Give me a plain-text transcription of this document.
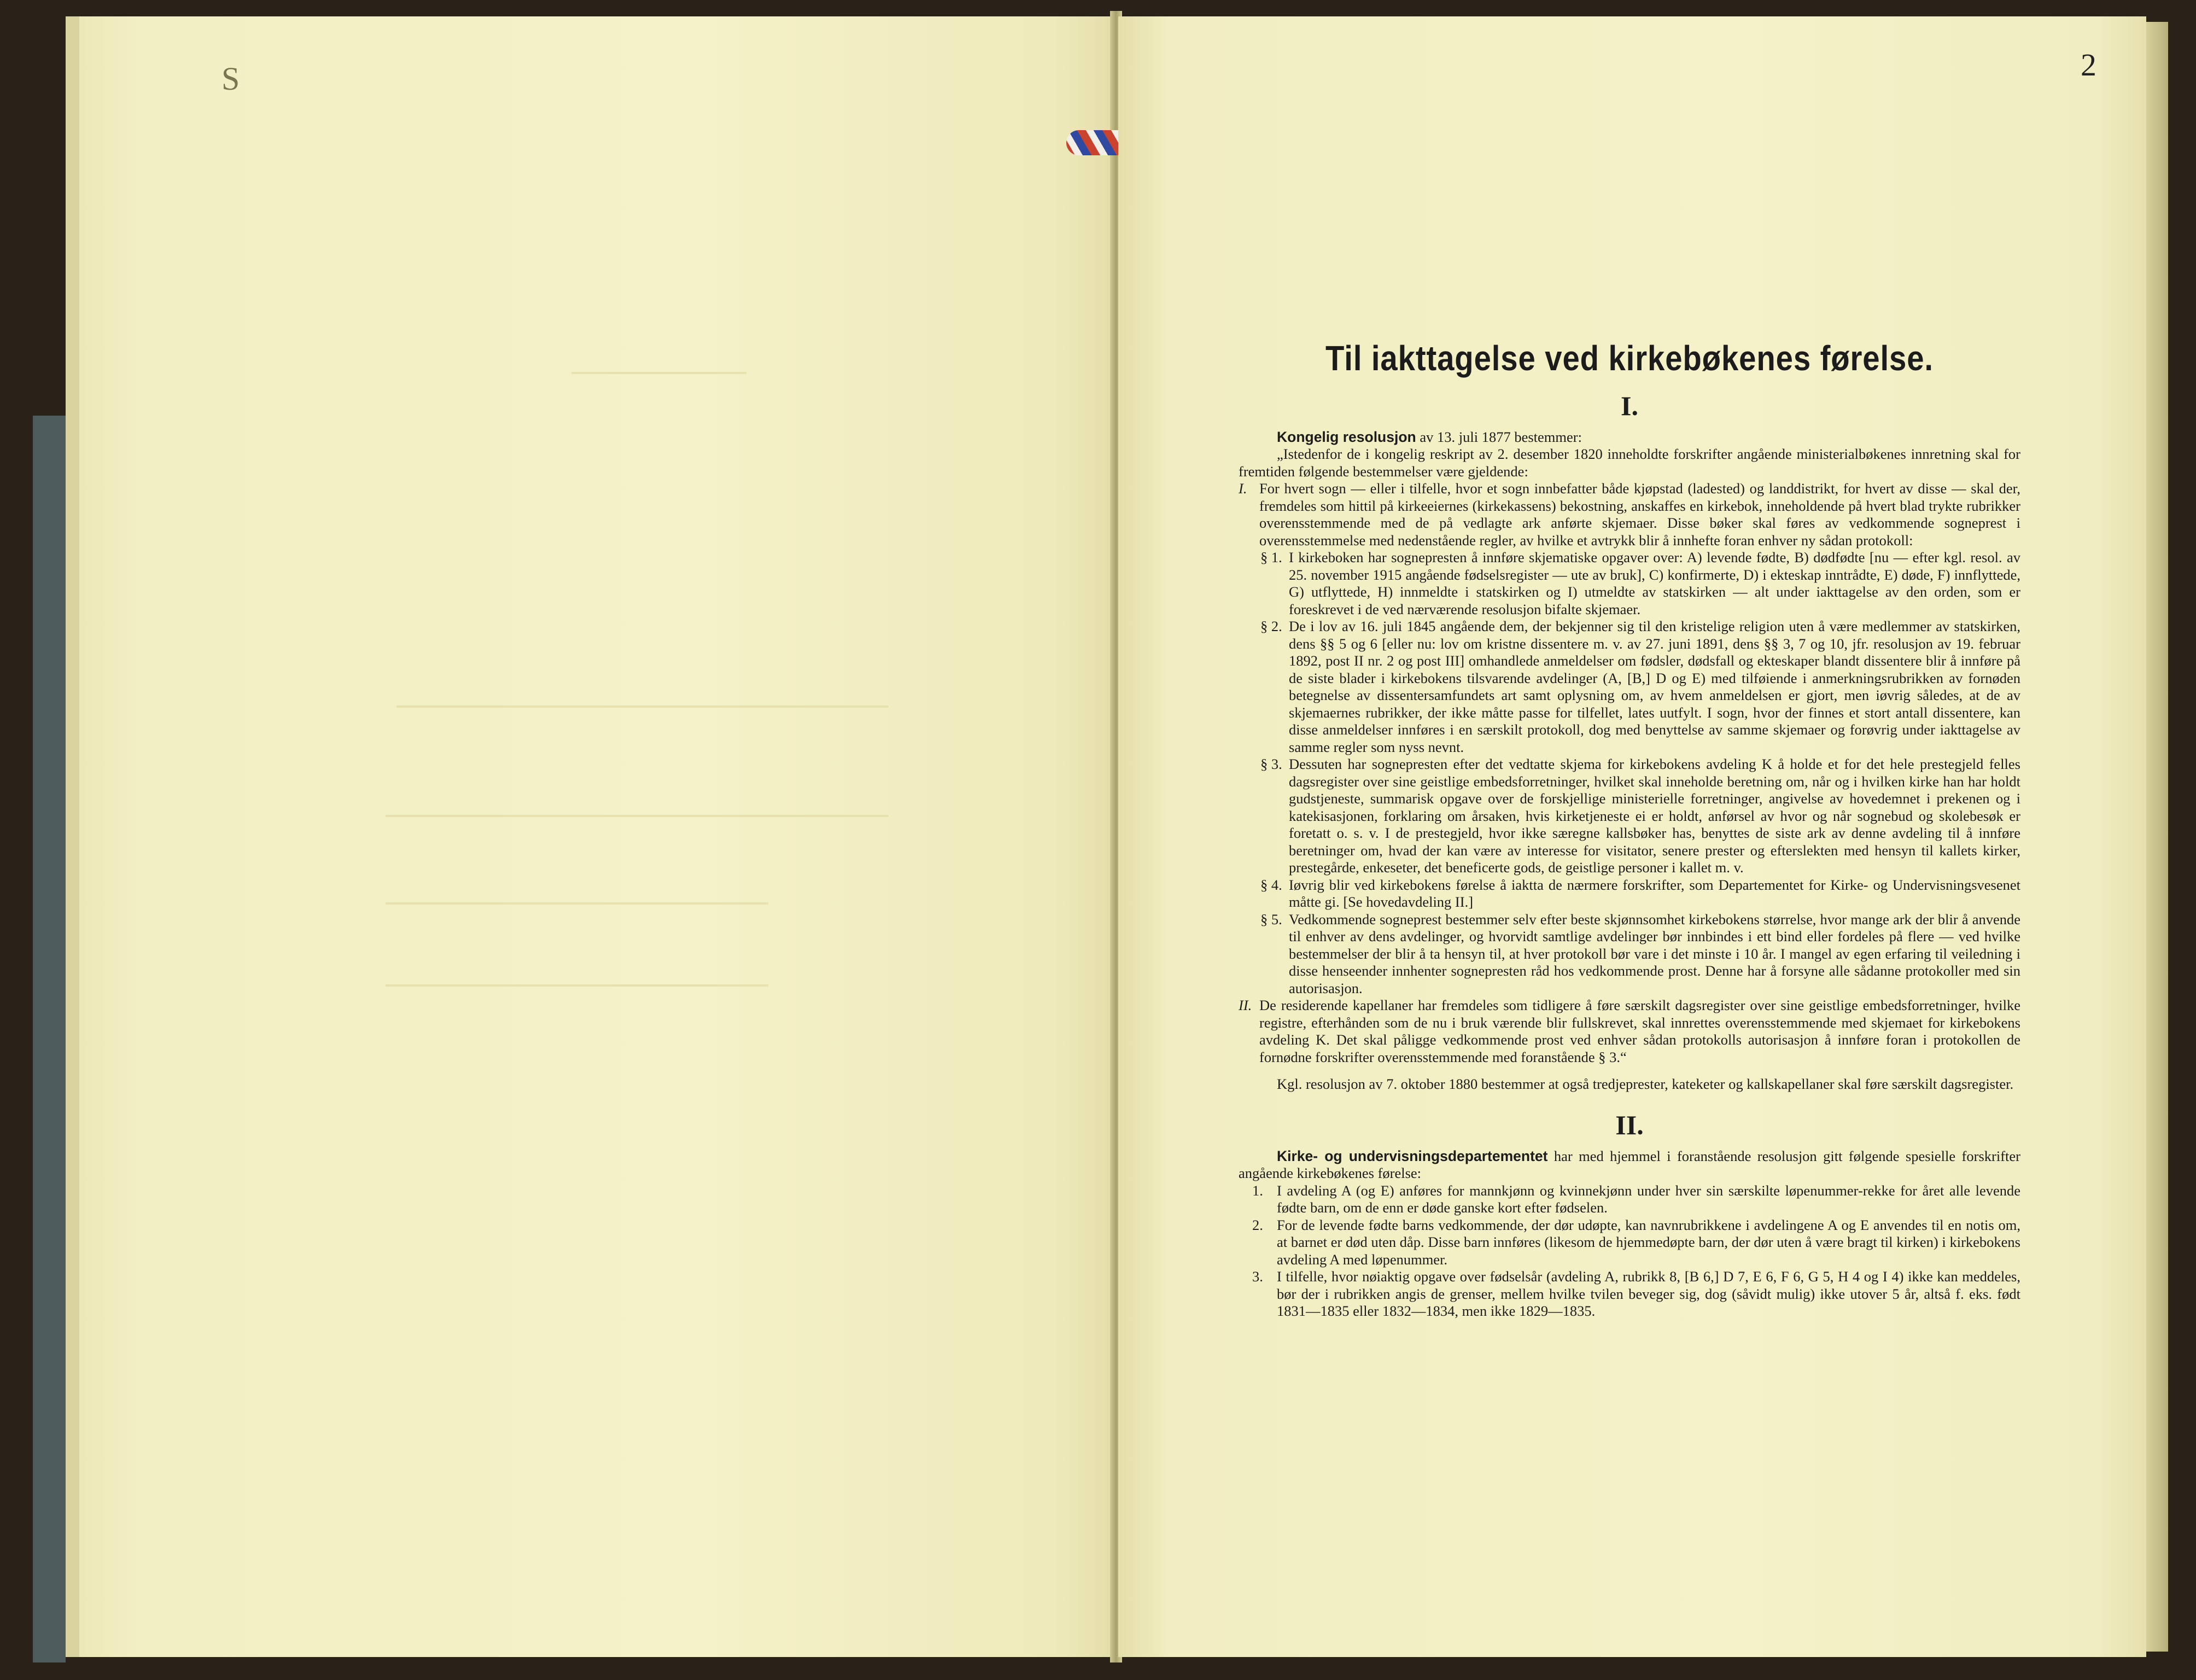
S	2
Til iakttagelse ved kirkebøkenes førelse.
I.

Kongelig resolusjon av 13. juli 1877 bestemmer:

„Istedenfor de i kongelig reskript av 2. desember 1820 inneholdte forskrifter angående ministerialbøkenes innretning skal for fremtiden følgende bestemmelser være gjeldende:

I. For hvert sogn — eller i tilfelle, hvor et sogn innbefatter både kjøpstad (ladested) og landdistrikt, for hvert av disse — skal der, fremdeles som hittil på kirkeeiernes (kirkekassens) bekostning, anskaffes en kirkebok, inneholdende på hvert blad trykte rubrikker overensstemmende med de på vedlagte ark anførte skjemaer. Disse bøker skal føres av vedkommende sogneprest i overensstemmelse med nedenstående regler, av hvilke et avtrykk blir å innhefte foran enhver ny sådan protokoll:

§ 1. I kirkeboken har sognepresten å innføre skjematiske opgaver over: A) levende fødte, B) dødfødte [nu — efter kgl. resol. av 25. november 1915 angående fødselsregister — ute av bruk], C) konfirmerte, D) i ekteskap inntrådte, E) døde, F) innflyttede, G) utflyttede, H) innmeldte i statskirken og I) utmeldte av statskirken — alt under iakttagelse av den orden, som er foreskrevet i de ved nærværende resolusjon bifalte skjemaer.

§ 2. De i lov av 16. juli 1845 angående dem, der bekjenner sig til den kristelige religion uten å være medlemmer av statskirken, dens §§ 5 og 6 [eller nu: lov om kristne dissentere m. v. av 27. juni 1891, dens §§ 3, 7 og 10, jfr. resolusjon av 19. februar 1892, post II nr. 2 og post III] omhandlede anmeldelser om fødsler, dødsfall og ekteskaper blandt dissentere blir å innføre på de siste blader i kirkebokens tilsvarende avdelinger (A, [B,] D og E) med tilføiende i anmerkningsrubrikken av fornøden betegnelse av dissentersamfundets art samt oplysning om, av hvem anmeldelsen er gjort, men iøvrig således, at de av skjemaernes rubrikker, der ikke måtte passe for tilfellet, lates uutfylt. I sogn, hvor der finnes et stort antall dissentere, kan disse anmeldelser innføres i en særskilt protokoll, dog med benyttelse av samme skjemaer og forøvrig under iakttagelse av samme regler som nyss nevnt.

§ 3. Dessuten har sognepresten efter det vedtatte skjema for kirkebokens avdeling K å holde et for det hele prestegjeld felles dagsregister over sine geistlige embedsforretninger, hvilket skal inneholde beretning om, når og i hvilken kirke han har holdt gudstjeneste, summarisk opgave over de forskjellige ministerielle forretninger, angivelse av hovedemnet i prekenen og i katekisasjonen, forklaring om årsaken, hvis kirketjeneste ei er holdt, anførsel av hvor og når sognebud og skolebesøk er foretatt o. s. v. I de prestegjeld, hvor ikke særegne kallsbøker has, benyttes de siste ark av denne avdeling til å innføre beretninger om, hvad der kan være av interesse for visitator, senere prester og efterslekten med hensyn til kallets kirker, prestegårde, enkeseter, det beneficerte gods, de geistlige personer i kallet m. v.

§ 4. Iøvrig blir ved kirkebokens førelse å iaktta de nærmere forskrifter, som Departementet for Kirke- og Undervisningsvesenet måtte gi. [Se hovedavdeling II.]

§ 5. Vedkommende sogneprest bestemmer selv efter beste skjønnsomhet kirkebokens størrelse, hvor mange ark der blir å anvende til enhver av dens avdelinger, og hvorvidt samtlige avdelinger bør innbindes i ett bind eller fordeles på flere — ved hvilke bestemmelser der blir å ta hensyn til, at hver protokoll bør vare i det minste i 10 år. I mangel av egen erfaring til veiledning i disse henseender innhenter sognepresten råd hos vedkommende prost. Denne har å forsyne alle sådanne protokoller med sin autorisasjon.

II. De residerende kapellaner har fremdeles som tidligere å føre særskilt dagsregister over sine geistlige embedsforretninger, hvilke registre, efterhånden som de nu i bruk værende blir fullskrevet, skal innrettes overensstemmende med skjemaet for kirkebokens avdeling K. Det skal påligge vedkommende prost ved enhver sådan protokolls autorisasjon å innføre foran i protokollen de fornødne forskrifter overensstemmende med foranstående § 3.“

Kgl. resolusjon av 7. oktober 1880 bestemmer at også tredjeprester, kateketer og kallskapellaner skal føre særskilt dagsregister.

II.

Kirke- og undervisningsdepartementet har med hjemmel i foranstående resolusjon gitt følgende spesielle forskrifter angående kirkebøkenes førelse:

1. I avdeling A (og E) anføres for mannkjønn og kvinnekjønn under hver sin særskilte løpenummer-rekke for året alle levende fødte barn, om de enn er døde ganske kort efter fødselen.

2. For de levende fødte barns vedkommende, der dør udøpte, kan navnrubrikkene i avdelingene A og E anvendes til en notis om, at barnet er død uten dåp. Disse barn innføres (likesom de hjemmedøpte barn, der dør uten å være bragt til kirken) i kirkebokens avdeling A med løpenummer.

3. I tilfelle, hvor nøiaktig opgave over fødselsår (avdeling A, rubrikk 8, [B 6,] D 7, E 6, F 6, G 5, H 4 og I 4) ikke kan meddeles, bør der i rubrikken angis de grenser, mellem hvilke tvilen beveger sig, dog (såvidt mulig) ikke utover 5 år, altså f. eks. født 1831—1835 eller 1832—1834, men ikke 1829—1835.
